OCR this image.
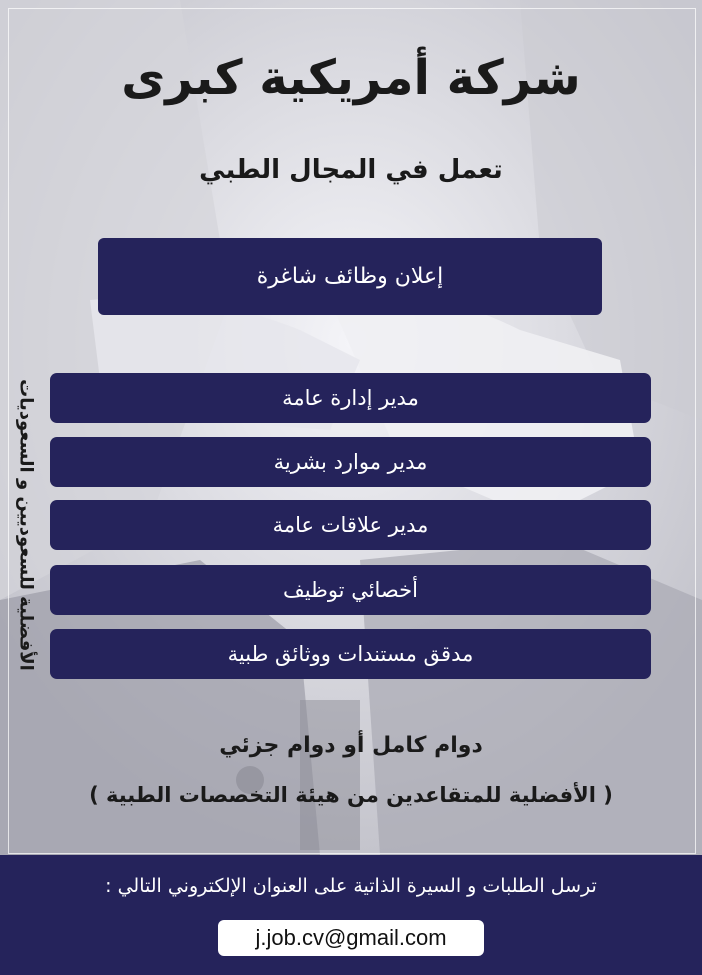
شركة أمريكية كبرى
تعمل في المجال الطبي
إعلان وظائف شاغرة
مدير إدارة عامة
مدير موارد بشرية
مدير علاقات عامة
أخصائي توظيف
مدقق مستندات ووثائق طبية
الأفضلية للسعوديين و السعوديات
دوام كامل أو دوام جزئي
( الأفضلية للمتقاعدين من هيئة التخصصات الطبية )
ترسل الطلبات و السيرة الذاتية على العنوان الإلكتروني التالي :
j.job.cv@gmail.com
